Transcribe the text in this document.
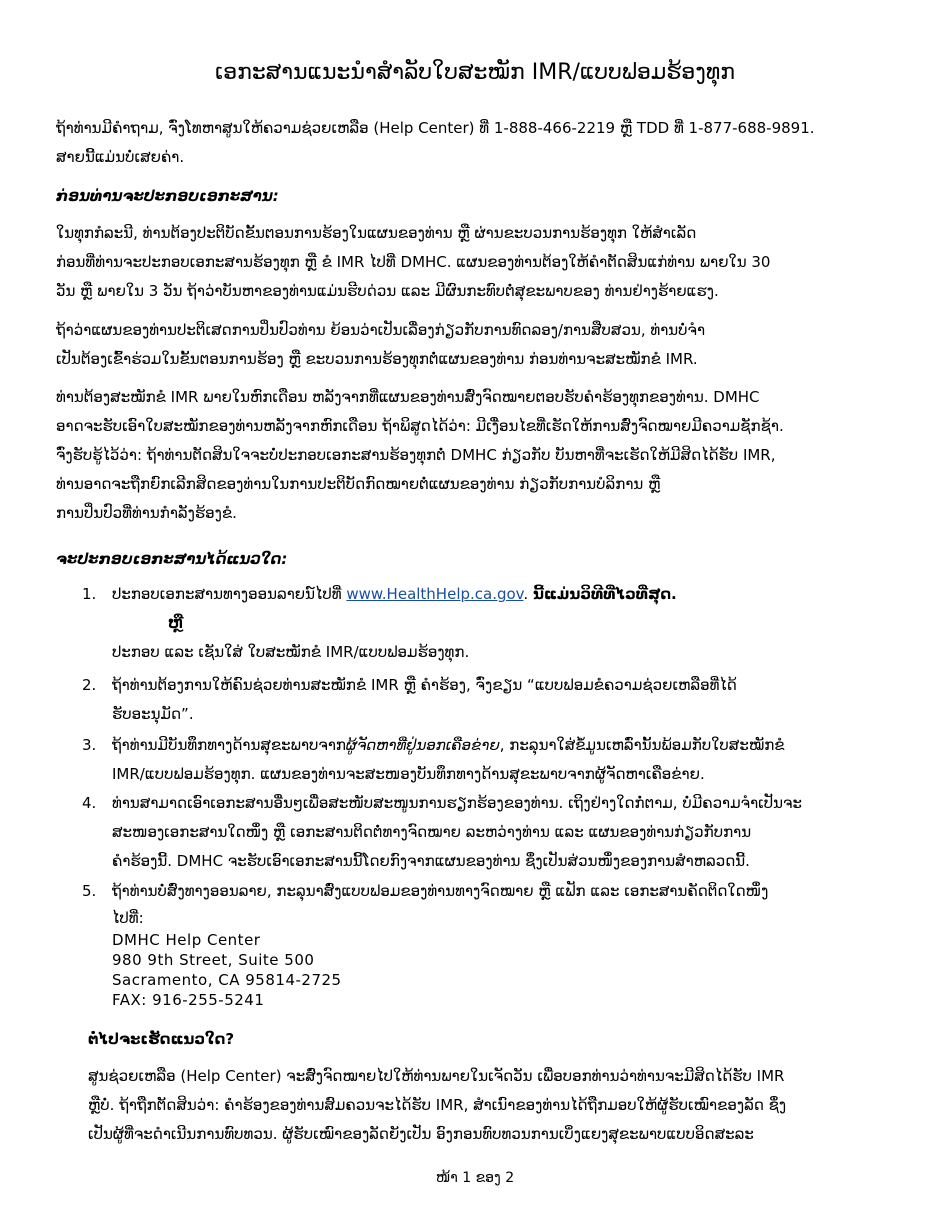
ເອກະສານແນະນຳສຳລັບໃບສະໝັກ IMR/ແບບຟອມຮ້ອງທຸກ
ຖ້າທ່ານມີຄຳຖາມ, ຈົ່ງໂທຫາສູນໃຫ້ຄວາມຊ່ວຍເຫລືອ (Help Center) ທີ່ 1-888-466-2219 ຫຼື TDD ທີ່ 1-877-688-9891.
ສາຍນີ້ແມ່ນບໍ່ເສຍຄ່າ.
ກ່ອນທ່ານຈະປະກອບເອກະສານ:
ໃນທຸກກໍລະນີ, ທ່ານຕ້ອງປະຕິບັດຂັ້ນຕອນການຮ້ອງໃນແຜນຂອງທ່ານ ຫຼື ຜ່ານຂະບວນການຮ້ອງທຸກ ໃຫ້ສຳເລັດ
ກ່ອນທີ່ທ່ານຈະປະກອບເອກະສານຮ້ອງທຸກ ຫຼື ຂໍ IMR ໄປທີ່ DMHC. ແຜນຂອງທ່ານຕ້ອງໃຫ້ຄຳຕັດສິນແກ່ທ່ານ ພາຍໃນ 30
ວັນ ຫຼື ພາຍໃນ 3 ວັນ ຖ້າວ່າບັນຫາຂອງທ່ານແມ່ນຮີບດ່ວນ ແລະ ມີຜົນກະທົບຕໍ່ສຸຂະພາບຂອງ ທ່ານຢ່າງຮ້າຍແຮງ.
ຖ້າວ່າແຜນຂອງທ່ານປະຕິເສດການປິ່ນປົວທ່ານ ຍ້ອນວ່າເປັນເລື່ອງກ່ຽວກັບການທົດລອງ/ການສືບສວນ, ທ່ານບໍ່ຈຳ
ເປັນຕ້ອງເຂົ້າຮ່ວມໃນຂັ້ນຕອນການຮ້ອງ ຫຼື ຂະບວນການຮ້ອງທຸກຕໍ່ແຜນຂອງທ່ານ ກ່ອນທ່ານຈະສະໝັກຂໍ IMR.
ທ່ານຕ້ອງສະໝັກຂໍ IMR ພາຍໃນຫົກເດືອນ ຫລັງຈາກທີ່ແຜນຂອງທ່ານສົ່ງຈົດໝາຍຕອບຮັບຄຳຮ້ອງທຸກຂອງທ່ານ. DMHC
ອາດຈະຮັບເອົາໃບສະໝັກຂອງທ່ານຫລັງຈາກຫົກເດືອນ ຖ້າພິສູດໄດ້ວ່າ: ມີເງື່ອນໄຂທີ່ເຮັດໃຫ້ການສົ່ງຈົດໝາຍມີຄວາມຊັກຊ້າ.
ຈົ່ງຮັບຮູ້ໄວ້ວ່າ: ຖ້າທ່ານຕັດສິນໃຈຈະບໍ່ປະກອບເອກະສານຮ້ອງທຸກຕໍ່ DMHC ກ່ຽວກັບ ບັນຫາທີ່ຈະເຮັດໃຫ້ມີສິດໄດ້ຮັບ IMR,
ທ່ານອາດຈະຖືກຍົກເລີກສິດຂອງທ່ານໃນການປະຕິບັດກົດໝາຍຕໍ່ແຜນຂອງທ່ານ ກ່ຽວກັບການບໍລິການ ຫຼື
ການປິ່ນປົວທີ່ທ່ານກຳລັງຮ້ອງຂໍ.
ຈະປະກອບເອກະສານໄດ້ແນວໃດ:
1.	ປະກອບເອກະສານທາງອອນລາຍນ໌ໄປທີ່ www.HealthHelp.ca.gov. ນີ້ແມ່ນວິທີທີ່ໄວທີ່ສຸດ.
ຫຼື
ປະກອບ ແລະ ເຊັນໃສ່ ໃບສະໝັກຂໍ IMR/ແບບຟອມຮ້ອງທຸກ.
2.	ຖ້າທ່ານຕ້ອງການໃຫ້ຄົນຊ່ວຍທ່ານສະໝັກຂໍ IMR ຫຼື ຄຳຮ້ອງ, ຈົ່ງຂຽນ “ແບບຟອມຂໍຄວາມຊ່ວຍເຫລືອທີ່ໄດ້
ຮັບອະນຸມັດ”.
3.	ຖ້າທ່ານມີບັນທຶກທາງດ້ານສຸຂະພາບຈາກຜູ້ຈັດຫາທີ່ຢູ່ນອກເຄືອຂ່າຍ, ກະລຸນາໃສ່ຂໍ້ມູນເຫລົ່ານັ້ນພ້ອມກັບໃບສະໝັກຂໍ
IMR/ແບບຟອມຮ້ອງທຸກ. ແຜນຂອງທ່ານຈະສະໜອງບັນທຶກທາງດ້ານສຸຂະພາບຈາກຜູ້ຈັດຫາເຄືອຂ່າຍ.
4.	ທ່ານສາມາດເອົາເອກະສານອື່ນໆເພື່ອສະໜັບສະໜູນການຮຽກຮ້ອງຂອງທ່ານ. ເຖິງຢ່າງໃດກໍ່ຕາມ, ບໍ່ມີຄວາມຈຳເປັນຈະ
ສະໜອງເອກະສານໃດໜຶ່ງ ຫຼື ເອກະສານຕິດຕໍ່ທາງຈົດໝາຍ ລະຫວ່າງທ່ານ ແລະ ແຜນຂອງທ່ານກ່ຽວກັບການ
ຄຳຮ້ອງນີ້. DMHC ຈະຮັບເອົາເອກະສານນີ້ໂດຍກົງຈາກແຜນຂອງທ່ານ ຊຶ່ງເປັນສ່ວນໜຶ່ງຂອງການສຳຫລວດນີ້.
5.	ຖ້າທ່ານບໍ່ສົ່ງທາງອອນລາຍ, ກະລຸນາສົ່ງແບບຟອມຂອງທ່ານທາງຈົດໝາຍ ຫຼື ແຟັກ ແລະ ເອກະສານຄັດຕິດໃດໜຶ່ງ
ໄປທີ່:
DMHC Help Center
980 9th Street, Suite 500
Sacramento, CA 95814-2725
FAX: 916-255-5241
ຕໍ່ໄປຈະເຮັດແນວໃດ?
ສູນຊ່ວຍເຫລືອ (Help Center) ຈະສົ່ງຈົດໝາຍໄປໃຫ້ທ່ານພາຍໃນເຈັດວັນ ເພື່ອບອກທ່ານວ່າທ່ານຈະມີສິດໄດ້ຮັບ IMR
ຫຼືບໍ່. ຖ້າຖືກຕັດສິນວ່າ: ຄຳຮ້ອງຂອງທ່ານສົມຄວນຈະໄດ້ຮັບ IMR, ສຳເນົາຂອງທ່ານໄດ້ຖືກມອບໃຫ້ຜູ້ຮັບເໝົາຂອງລັດ ຊຶ່ງ
ເປັນຜູ້ທີ່ຈະດຳເນີນການທົບທວນ. ຜູ້ຮັບເໝົາຂອງລັດຍັງເປັນ ອົງກອນທົບທວນການເບິ່ງແຍງສຸຂະພາບແບບອິດສະລະ
ໜ້າ 1 ຂອງ 2
